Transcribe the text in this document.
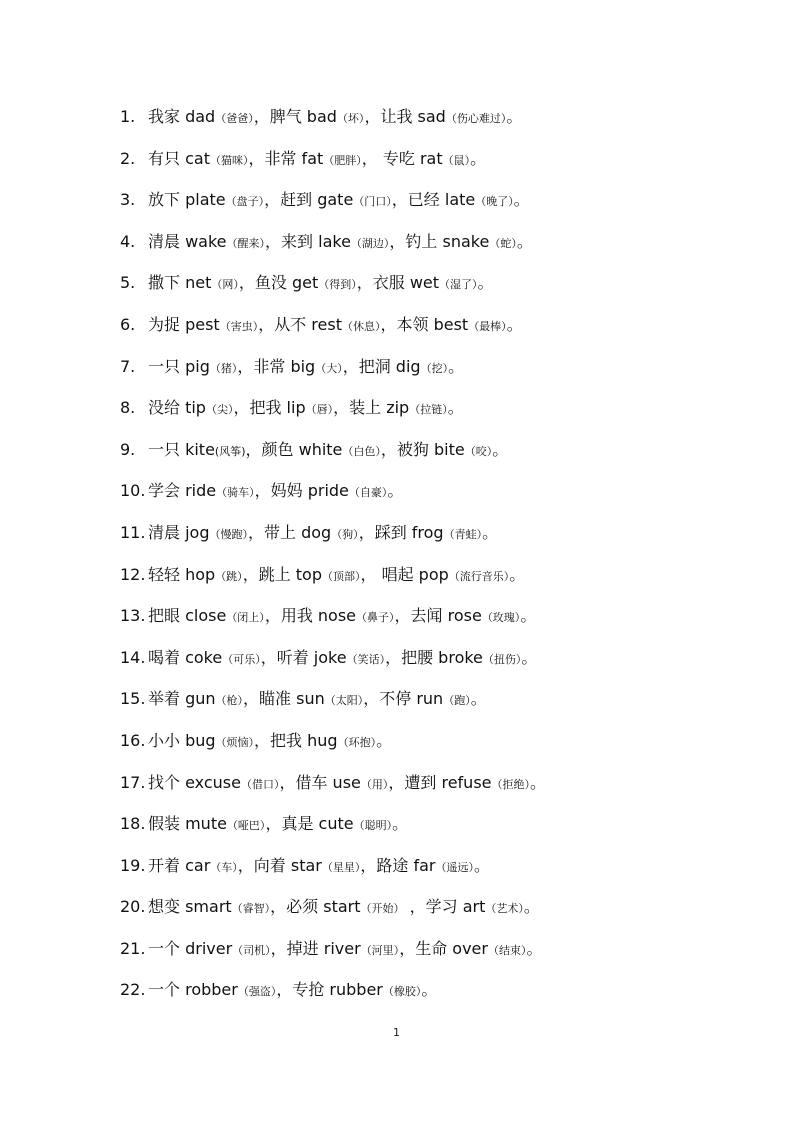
1. 我家 dad（爸爸），脾气 bad（坏），让我 sad（伤心难过）。
2. 有只 cat（猫咪），非常 fat（肥胖）， 专吃 rat（鼠）。
3. 放下 plate（盘子），赶到 gate（门口），已经 late（晚了）。
4. 清晨 wake（醒来），来到 lake（湖边），钓上 snake（蛇）。
5. 撒下 net（网），鱼没 get（得到），衣服 wet（湿了）。
6. 为捉 pest（害虫），从不 rest（休息），本领 best（最棒）。
7. 一只 pig（猪），非常 big（大），把洞 dig（挖）。
8. 没给 tip（尖），把我 lip（唇），装上 zip（拉链）。
9. 一只 kite(风筝)，颜色 white（白色），被狗 bite（咬）。
10. 学会 ride（骑车），妈妈 pride（自豪）。
11. 清晨 jog（慢跑），带上 dog（狗），踩到 frog（青蛙）。
12. 轻轻 hop（跳），跳上 top（顶部）， 唱起 pop（流行音乐）。
13. 把眼 close（闭上），用我 nose（鼻子），去闻 rose（玫瑰）。
14. 喝着 coke（可乐），听着 joke（笑话），把腰 broke（扭伤）。
15. 举着 gun（枪），瞄准 sun（太阳），不停 run（跑）。
16. 小小 bug（烦恼），把我 hug（环抱）。
17. 找个 excuse（借口），借车 use（用），遭到 refuse（拒绝）。
18. 假装 mute（哑巴），真是 cute（聪明）。
19. 开着 car（车），向着 star（星星），路途 far（遥远）。
20. 想变 smart（睿智），必须 start（开始） ，学习 art（艺术）。
21. 一个 driver（司机），掉进 river（河里），生命 over（结束）。
22. 一个 robber（强盗），专抢 rubber（橡胶）。
1
